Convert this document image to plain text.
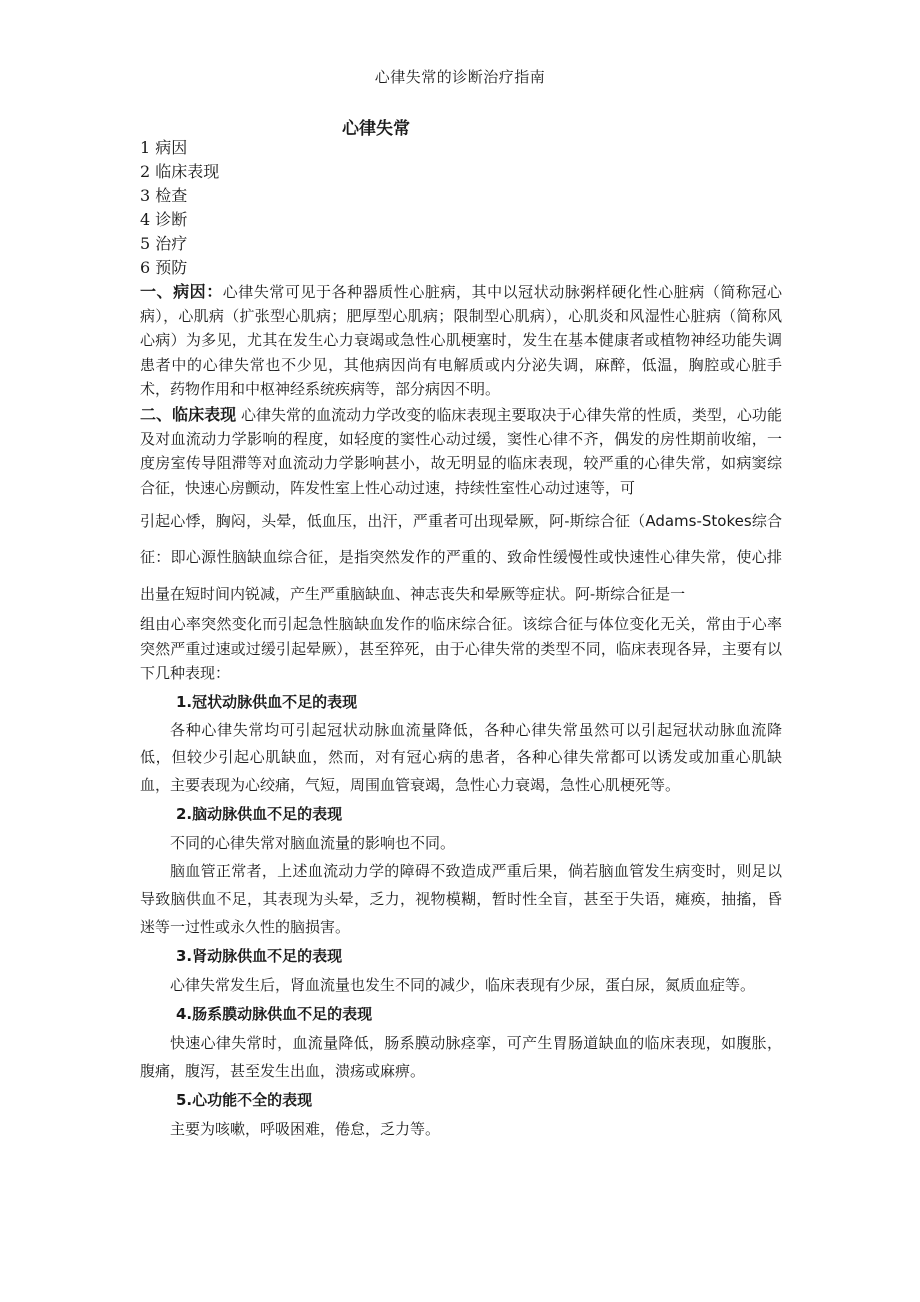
心律失常的诊断治疗指南
心律失常
1 病因
2 临床表现
3 检查
4 诊断
5 治疗
6 预防

一、病因：心律失常可见于各种器质性心脏病，其中以冠状动脉粥样硬化性心脏病（简称冠心病），心肌病（扩张型心肌病；肥厚型心肌病；限制型心肌病），心肌炎和风湿性心脏病（简称风心病）为多见，尤其在发生心力衰竭或急性心肌梗塞时，发生在基本健康者或植物神经功能失调患者中的心律失常也不少见，其他病因尚有电解质或内分泌失调，麻醉，低温，胸腔或心脏手术，药物作用和中枢神经系统疾病等，部分病因不明。

二、临床表现 心律失常的血流动力学改变的临床表现主要取决于心律失常的性质，类型，心功能及对血流动力学影响的程度，如轻度的窦性心动过缓，窦性心律不齐，偶发的房性期前收缩，一度房室传导阻滞等对血流动力学影响甚小，故无明显的临床表现，较严重的心律失常，如病窦综合征，快速心房颤动，阵发性室上性心动过速，持续性室性心动过速等，可

引起心悸，胸闷，头晕，低血压，出汗，严重者可出现晕厥，阿-斯综合征（Adams-Stokes综合征：即心源性脑缺血综合征，是指突然发作的严重的、致命性缓慢性或快速性心律失常，使心排出量在短时间内锐减，产生严重脑缺血、神志丧失和晕厥等症状。阿-斯综合征是一

组由心率突然变化而引起急性脑缺血发作的临床综合征。该综合征与体位变化无关，常由于心率突然严重过速或过缓引起晕厥），甚至猝死，由于心律失常的类型不同，临床表现各异，主要有以下几种表现：

1.冠状动脉供血不足的表现

各种心律失常均可引起冠状动脉血流量降低，各种心律失常虽然可以引起冠状动脉血流降低，但较少引起心肌缺血，然而，对有冠心病的患者，各种心律失常都可以诱发或加重心肌缺血，主要表现为心绞痛，气短，周围血管衰竭，急性心力衰竭，急性心肌梗死等。

2.脑动脉供血不足的表现

不同的心律失常对脑血流量的影响也不同。

脑血管正常者，上述血流动力学的障碍不致造成严重后果，倘若脑血管发生病变时，则足以导致脑供血不足，其表现为头晕，乏力，视物模糊，暂时性全盲，甚至于失语，瘫痪，抽搐，昏迷等一过性或永久性的脑损害。

3.肾动脉供血不足的表现

心律失常发生后，肾血流量也发生不同的减少，临床表现有少尿，蛋白尿，氮质血症等。

4.肠系膜动脉供血不足的表现

快速心律失常时，血流量降低，肠系膜动脉痉挛，可产生胃肠道缺血的临床表现，如腹胀，腹痛，腹泻，甚至发生出血，溃疡或麻痹。

5.心功能不全的表现

主要为咳嗽，呼吸困难，倦怠，乏力等。
